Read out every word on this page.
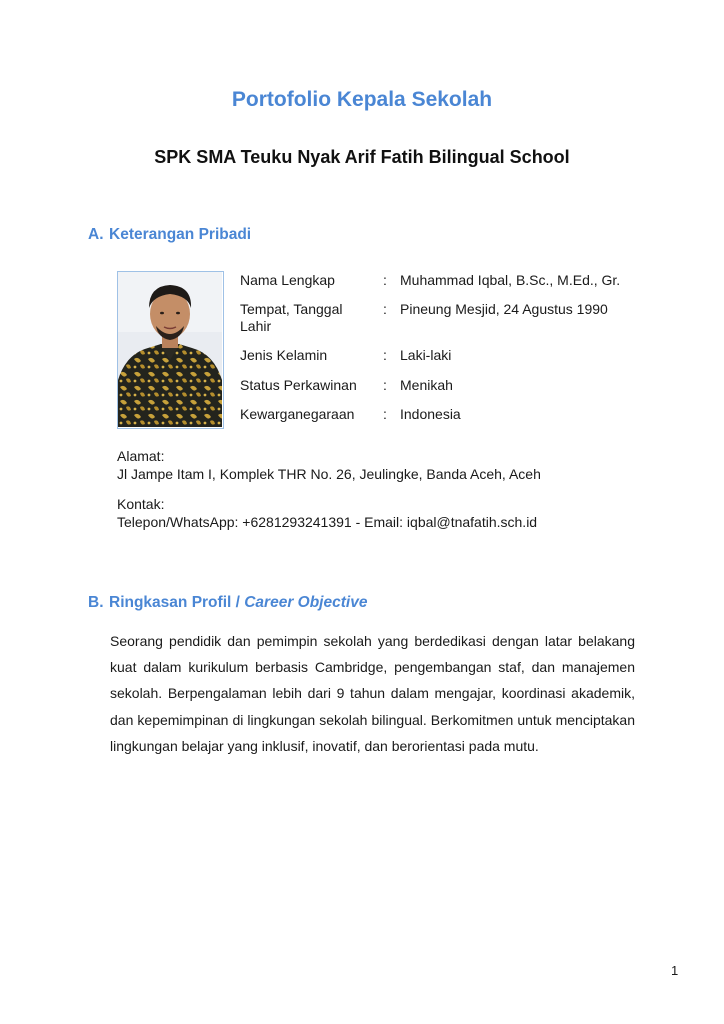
Portofolio Kepala Sekolah
SPK SMA Teuku Nyak Arif Fatih Bilingual School
A. Keterangan Pribadi
Nama Lengkap	: Muhammad Iqbal, B.Sc., M.Ed., Gr.
Tempat, Tanggal Lahir
: Pineung Mesjid, 24 Agustus 1990
Jenis Kelamin	: Laki-laki
Status Perkawinan	: Menikah
Kewarganegaraan	: Indonesia
Alamat:
Jl Jampe Itam I, Komplek THR No. 26, Jeulingke, Banda Aceh, Aceh
Kontak:
Telepon/WhatsApp: +6281293241391 - Email: iqbal@tnafatih.sch.id
B. Ringkasan Profil / Career Objective

Seorang pendidik dan pemimpin sekolah yang berdedikasi dengan latar belakang kuat dalam kurikulum berbasis Cambridge, pengembangan staf, dan manajemen sekolah. Berpengalaman lebih dari 9 tahun dalam mengajar, koordinasi akademik, dan kepemimpinan di lingkungan sekolah bilingual. Berkomitmen untuk menciptakan lingkungan belajar yang inklusif, inovatif, dan berorientasi pada mutu.

1
